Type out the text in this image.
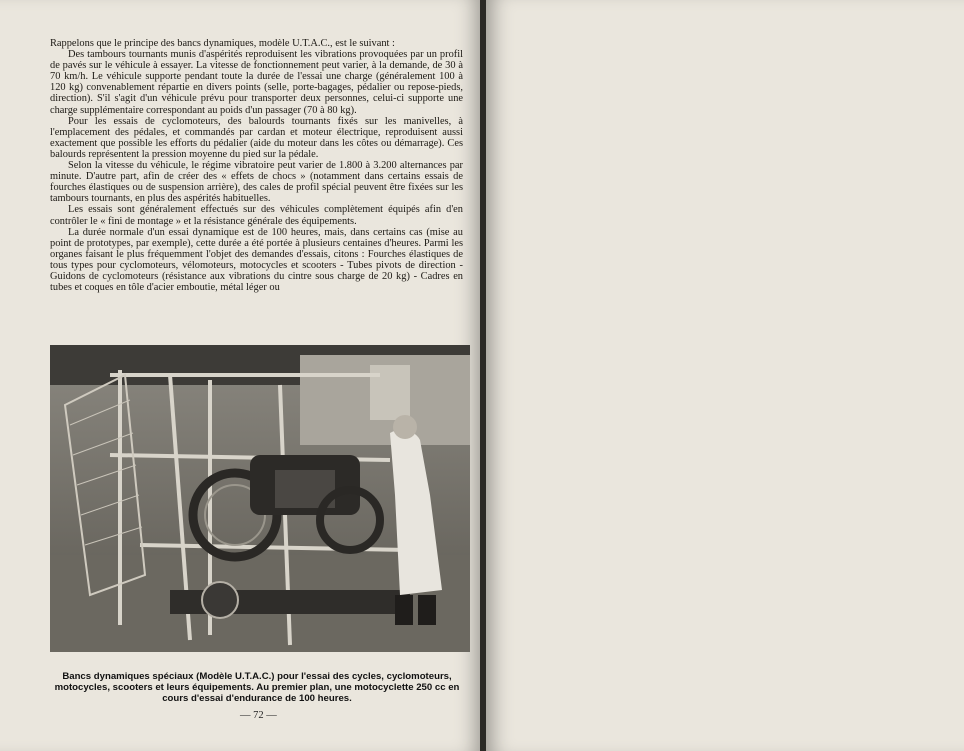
Rappelons que le principe des bancs dynamiques, modèle U.T.A.C., est le suivant :

Des tambours tournants munis d'aspérités reproduisent les vibrations provoquées par un profil de pavés sur le véhicule à essayer. La vitesse de fonctionnement peut varier, à la demande, de 30 à 70 km/h. Le véhicule supporte pendant toute la durée de l'essai une charge (généralement 100 à 120 kg) convenablement répartie en divers points (selle, porte-bagages, pédalier ou repose-pieds, direction). S'il s'agit d'un véhicule prévu pour transporter deux personnes, celui-ci supporte une charge supplémentaire correspondant au poids d'un passager (70 à 80 kg).

Pour les essais de cyclomoteurs, des balourds tournants fixés sur les manivelles, à l'emplacement des pédales, et commandés par cardan et moteur électrique, reproduisent aussi exactement que possible les efforts du pédalier (aide du moteur dans les côtes ou démarrage). Ces balourds représentent la pression moyenne du pied sur la pédale.

Selon la vitesse du véhicule, le régime vibratoire peut varier de 1.800 à 3.200 alternances par minute. D'autre part, afin de créer des « effets de chocs » (notamment dans certains essais de fourches élastiques ou de suspension arrière), des cales de profil spécial peuvent être fixées sur les tambours tournants, en plus des aspérités habituelles.

Les essais sont généralement effectués sur des véhicules complètement équipés afin d'en contrôler le « fini de montage » et la résistance générale des équipements.

La durée normale d'un essai dynamique est de 100 heures, mais, dans certains cas (mise au point de prototypes, par exemple), cette durée a été portée à plusieurs centaines d'heures. Parmi les organes faisant le plus fréquemment l'objet des demandes d'essais, citons : Fourches élastiques de tous types pour cyclomoteurs, vélomoteurs, motocycles et scooters - Tubes pivots de direction - Guidons de cyclomoteurs (résistance aux vibrations du cintre sous charge de 20 kg) - Cadres en tubes et coques en tôle d'acier emboutie, métal léger ou

Bancs dynamiques spéciaux (Modèle U.T.A.C.) pour l'essai des cycles, cyclomoteurs, motocycles, scooters et leurs équipements. Au premier plan, une motocyclette 250 cc en cours d'essai d'endurance de 100 heures.
— 72 —
